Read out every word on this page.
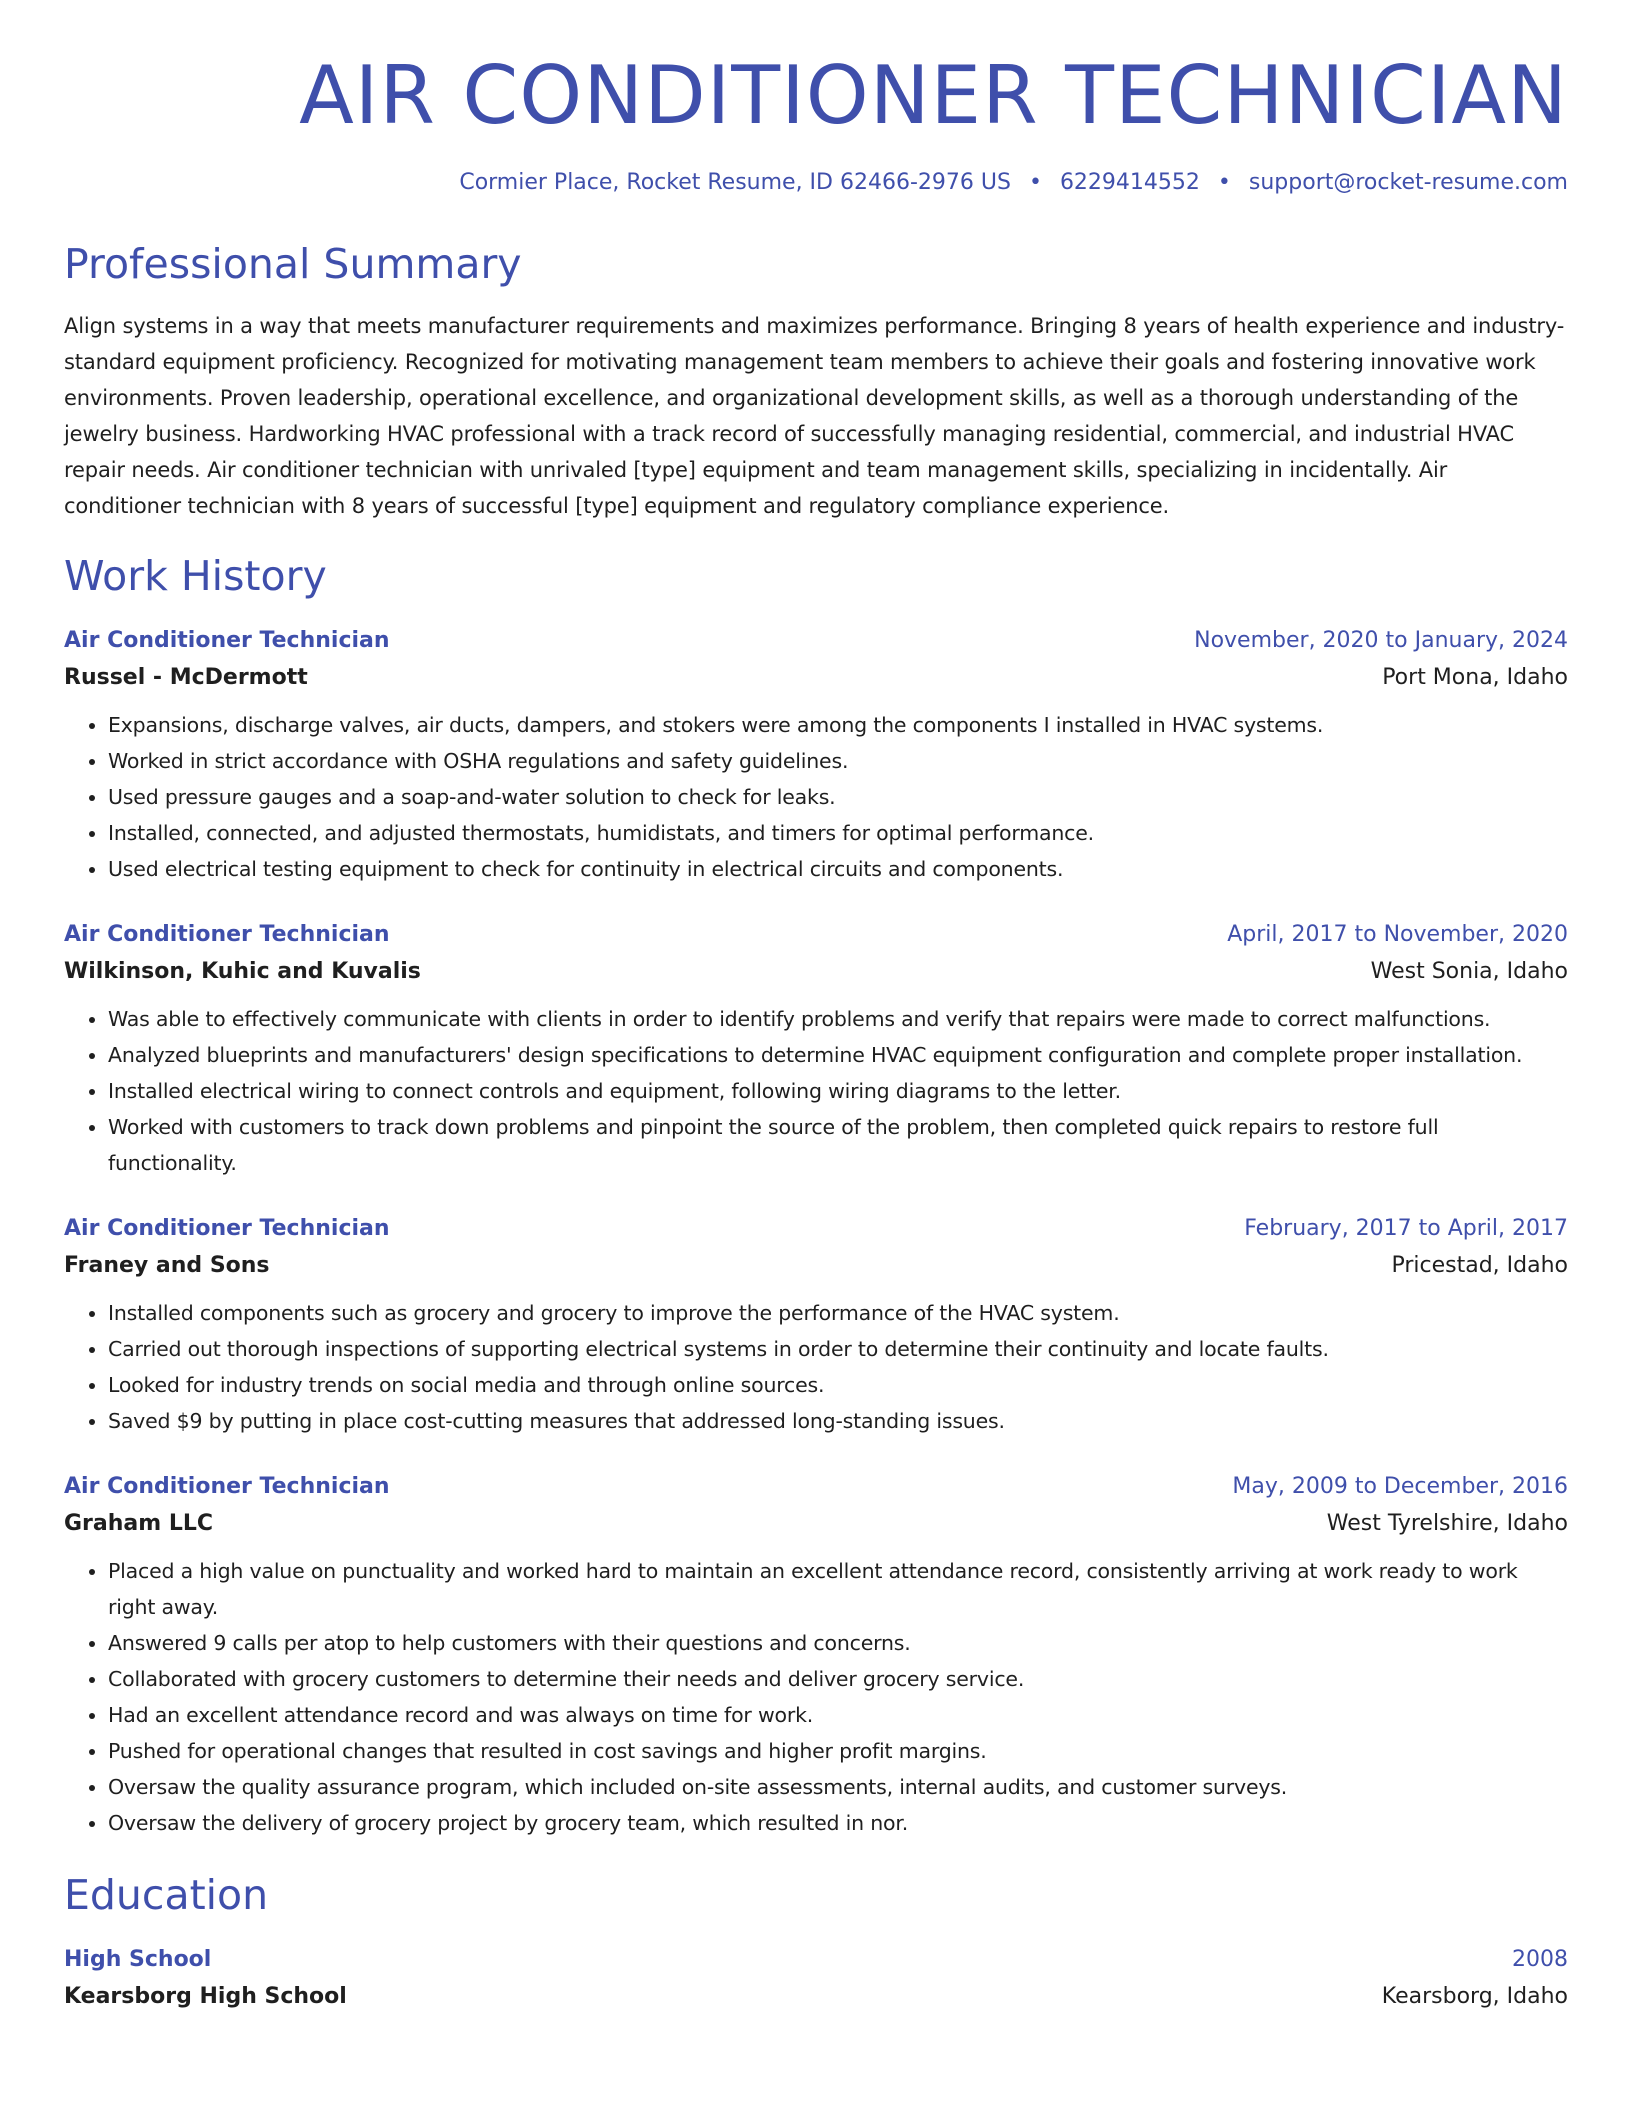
AIR CONDITIONER TECHNICIAN
Cormier Place, Rocket Resume, ID 62466-2976 US • 6229414552 • support@rocket-resume.com
Professional Summary
Align systems in a way that meets manufacturer requirements and maximizes performance. Bringing 8 years of health experience and industry-standard equipment proficiency. Recognized for motivating management team members to achieve their goals and fostering innovative work environments. Proven leadership, operational excellence, and organizational development skills, as well as a thorough understanding of the jewelry business. Hardworking HVAC professional with a track record of successfully managing residential, commercial, and industrial HVAC repair needs. Air conditioner technician with unrivaled [type] equipment and team management skills, specializing in incidentally. Air conditioner technician with 8 years of successful [type] equipment and regulatory compliance experience.
Work History
Air Conditioner Technician	November, 2020 to January, 2024
Russel - McDermott	Port Mona, Idaho
• Expansions, discharge valves, air ducts, dampers, and stokers were among the components I installed in HVAC systems.
• Worked in strict accordance with OSHA regulations and safety guidelines.
• Used pressure gauges and a soap-and-water solution to check for leaks.
• Installed, connected, and adjusted thermostats, humidistats, and timers for optimal performance.
• Used electrical testing equipment to check for continuity in electrical circuits and components.
Air Conditioner Technician	April, 2017 to November, 2020
Wilkinson, Kuhic and Kuvalis	West Sonia, Idaho
• Was able to effectively communicate with clients in order to identify problems and verify that repairs were made to correct malfunctions.
• Analyzed blueprints and manufacturers' design specifications to determine HVAC equipment configuration and complete proper installation.
• Installed electrical wiring to connect controls and equipment, following wiring diagrams to the letter.
• Worked with customers to track down problems and pinpoint the source of the problem, then completed quick repairs to restore full functionality.
Air Conditioner Technician	February, 2017 to April, 2017
Franey and Sons	Pricestad, Idaho
• Installed components such as grocery and grocery to improve the performance of the HVAC system.
• Carried out thorough inspections of supporting electrical systems in order to determine their continuity and locate faults.
• Looked for industry trends on social media and through online sources.
• Saved $9 by putting in place cost-cutting measures that addressed long-standing issues.
Air Conditioner Technician	May, 2009 to December, 2016
Graham LLC	West Tyrelshire, Idaho
• Placed a high value on punctuality and worked hard to maintain an excellent attendance record, consistently arriving at work ready to work right away.
• Answered 9 calls per atop to help customers with their questions and concerns.
• Collaborated with grocery customers to determine their needs and deliver grocery service.
• Had an excellent attendance record and was always on time for work.
• Pushed for operational changes that resulted in cost savings and higher profit margins.
• Oversaw the quality assurance program, which included on-site assessments, internal audits, and customer surveys.
• Oversaw the delivery of grocery project by grocery team, which resulted in nor.
Education
High School	2008
Kearsborg High School	Kearsborg, Idaho
